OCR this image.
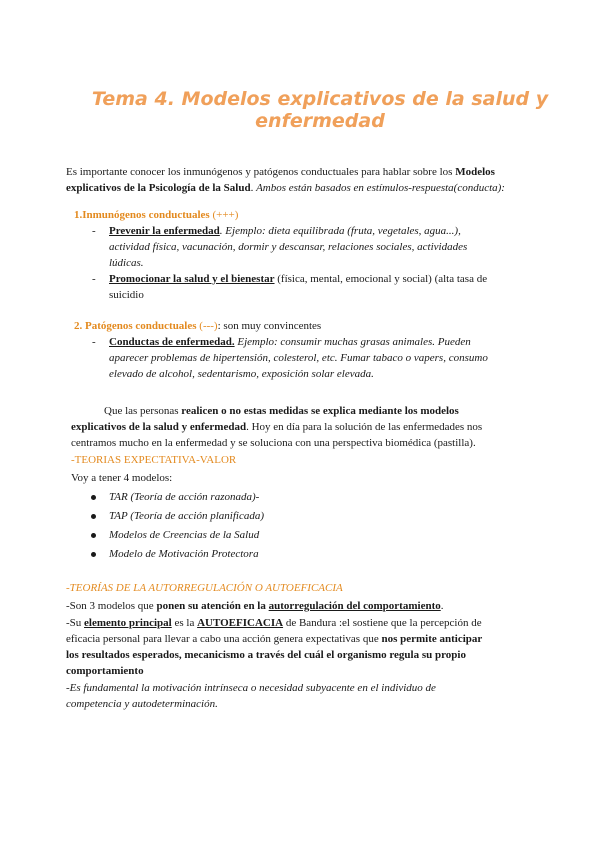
Tema 4. Modelos explicativos de la salud y
enfermedad
Es importante conocer los inmunógenos y patógenos conductuales para hablar sobre los Modelos
explicativos de la Psicología de la Salud. Ambos están basados en estímulos-respuesta(conducta):
1.Inmunógenos conductuales (+++)
- Prevenir la enfermedad. Ejemplo: dieta equilibrada (fruta, vegetales, agua...),
actividad física, vacunación, dormir y descansar, relaciones sociales, actividades
lúdicas.
- Promocionar la salud y el bienestar (física, mental, emocional y social) (alta tasa de
suicidio
2. Patógenos conductuales (---): son muy convincentes
- Conductas de enfermedad. Ejemplo: consumir muchas grasas animales. Pueden
aparecer problemas de hipertensión, colesterol, etc. Fumar tabaco o vapers, consumo
elevado de alcohol, sedentarismo, exposición solar elevada.
Que las personas realicen o no estas medidas se explica mediante los modelos
explicativos de la salud y enfermedad. Hoy en día para la solución de las enfermedades nos
centramos mucho en la enfermedad y se soluciona con una perspectiva biomédica (pastilla).
-TEORIAS EXPECTATIVA-VALOR
Voy a tener 4 modelos:
TAR (Teoría de acción razonada)-
TAP (Teoría de acción planificada)
Modelos de Creencias de la Salud
Modelo de Motivación Protectora
-TEORÍAS DE LA AUTORREGULACIÓN O AUTOEFICACIA
-Son 3 modelos que ponen su atención en la autorregulación del comportamiento.
-Su elemento principal es la AUTOEFICACIA de Bandura :el sostiene que la percepción de
eficacia personal para llevar a cabo una acción genera expectativas que nos permite anticipar
los resultados esperados, mecanicismo a través del cuál el organismo regula su propio
comportamiento
-Es fundamental la motivación intrínseca o necesidad subyacente en el individuo de
competencia y autodeterminación.
